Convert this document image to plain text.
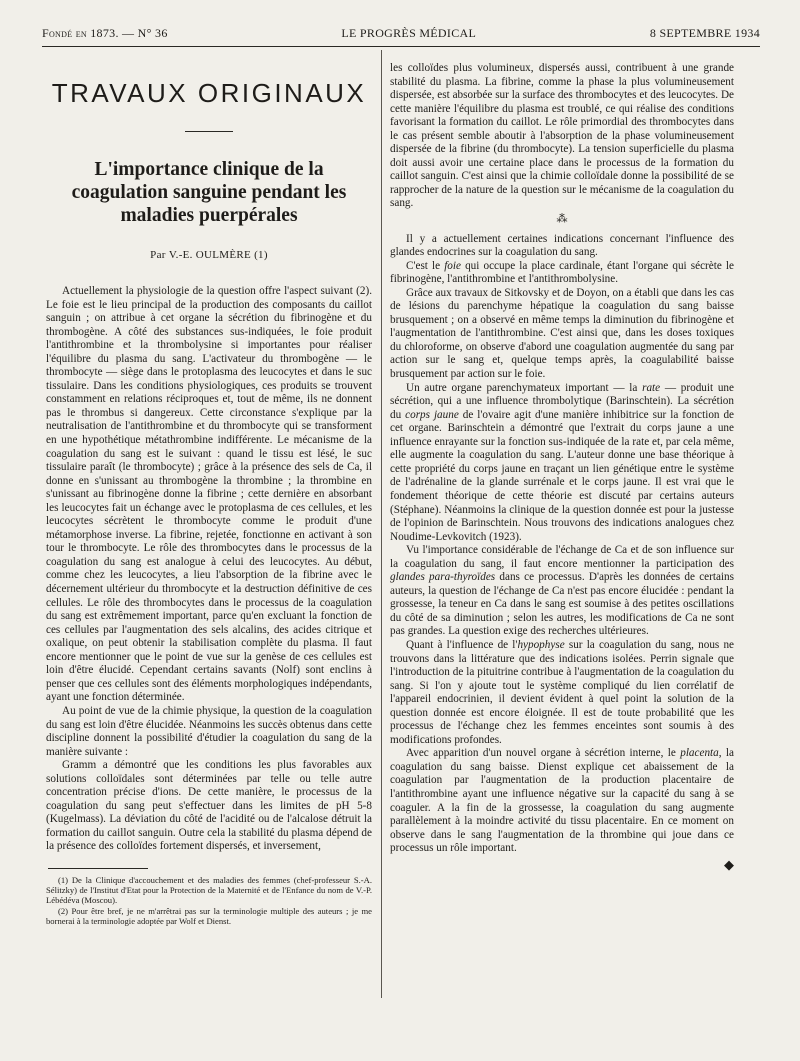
Fondé en 1873. — N° 36	LE PROGRÈS MÉDICAL	8 SEPTEMBRE 1934
TRAVAUX ORIGINAUX
L'importance clinique de la coagulation sanguine pendant les maladies puerpérales
Par V.-E. OULMÈRE (1)

Actuellement la physiologie de la question offre l'aspect suivant (2). Le foie est le lieu principal de la production des composants du caillot sanguin ; on attribue à cet organe la sécrétion du fibrinogène et du thrombogène. A côté des substances sus-indiquées, le foie produit l'antithrombine et la thrombolysine si importantes pour réaliser l'équilibre du plasma du sang. L'activateur du thrombogène — le thrombocyte — siège dans le protoplasma des leucocytes et dans le suc tissulaire. Dans les conditions physiologiques, ces produits se trouvent constamment en relations réciproques et, tout de même, ils ne donnent pas le thrombus si dangereux. Cette circonstance s'explique par la neutralisation de l'antithrombine et du thrombocyte qui se transforment en une hypothétique métathrombine indifférente. Le mécanisme de la coagulation du sang est le suivant : quand le tissu est lésé, le suc tissulaire paraît (le thrombocyte) ; grâce à la présence des sels de Ca, il donne en s'unissant au thrombogène la thrombine ; la thrombine en s'unissant au fibrinogène donne la fibrine ; cette dernière en absorbant les leucocytes fait un échange avec le protoplasma de ces cellules, et les leucocytes sécrètent le thrombocyte comme le produit d'une métamorphose inverse. La fibrine, rejetée, fonctionne en activant à son tour le thrombocyte. Le rôle des thrombocytes dans le processus de la coagulation du sang est analogue à celui des leucocytes. Au début, comme chez les leucocytes, a lieu l'absorption de la fibrine avec le décernement ultérieur du thrombocyte et la destruction définitive de ces cellules. Le rôle des thrombocytes dans le processus de la coagulation du sang est extrêmement important, parce qu'en excluant la fonction de ces cellules par l'augmentation des sels alcalins, des acides citrique et oxalique, on peut obtenir la stabilisation complète du plasma. Il faut encore mentionner que le point de vue sur la genèse de ces cellules est loin d'être élucidé. Cependant certains savants (Nolf) sont enclins à penser que ces cellules sont des éléments morphologiques indépendants, ayant une fonction déterminée.

Au point de vue de la chimie physique, la question de la coagulation du sang est loin d'être élucidée. Néanmoins les succès obtenus dans cette discipline donnent la possibilité d'étudier la coagulation du sang de la manière suivante :

Gramm a démontré que les conditions les plus favorables aux solutions colloïdales sont déterminées par telle ou telle autre concentration précise d'ions. De cette manière, le processus de la coagulation du sang peut s'effectuer dans les limites de pH 5-8 (Kugelmass). La déviation du côté de l'acidité ou de l'alcalose détruit la formation du caillot sanguin. Outre cela la stabilité du plasma dépend de la présence des colloïdes fortement dispersés, et inversement,

(1) De la Clinique d'accouchement et des maladies des femmes (chef-professeur S.-A. Sélitzky) de l'Institut d'Etat pour la Protection de la Maternité et de l'Enfance du nom de V.-P. Lébédéva (Moscou).

(2) Pour être bref, je ne m'arrêtrai pas sur la terminologie multiple des auteurs ; je me bornerai à la terminologie adoptée par Wolf et Dienst.

les colloïdes plus volumineux, dispersés aussi, contribuent à une grande stabilité du plasma. La fibrine, comme la phase la plus volumineusement dispersée, est absorbée sur la surface des thrombocytes et des leucocytes. De cette manière l'équilibre du plasma est troublé, ce qui réalise des conditions favorisant la formation du caillot. Le rôle primordial des thrombocytes dans le cas présent semble aboutir à l'absorption de la phase volumineusement dispersée de la fibrine (du thrombocyte). La tension superficielle du plasma doit aussi avoir une certaine place dans le processus de la formation du caillot sanguin. C'est ainsi que la chimie colloïdale donne la possibilité de se rapprocher de la nature de la question sur le mécanisme de la coagulation du sang.

⁂

Il y a actuellement certaines indications concernant l'influence des glandes endocrines sur la coagulation du sang.

C'est le foie qui occupe la place cardinale, étant l'organe qui sécrète le fibrinogène, l'antithrombine et l'antithrombolysine.

Grâce aux travaux de Sitkovsky et de Doyon, on a établi que dans les cas de lésions du parenchyme hépatique la coagulation du sang baisse brusquement ; on a observé en même temps la diminution du fibrinogène et l'augmentation de l'antithrombine. C'est ainsi que, dans les doses toxiques du chloroforme, on observe d'abord une coagulation augmentée du sang par action sur le sang et, quelque temps après, la coagulabilité baisse brusquement par action sur le foie.

Un autre organe parenchymateux important — la rate — produit une sécrétion, qui a une influence thrombolytique (Barinschtein). La sécrétion du corps jaune de l'ovaire agit d'une manière inhibitrice sur la fonction de cet organe. Barinschtein a démontré que l'extrait du corps jaune a une influence enrayante sur la fonction sus-indiquée de la rate et, par cela même, elle augmente la coagulation du sang. L'auteur donne une base théorique à cette propriété du corps jaune en traçant un lien génétique entre le système de l'adrénaline de la glande surrénale et le corps jaune. Il est vrai que le fondement théorique de cette théorie est discuté par certains auteurs (Stéphane). Néanmoins la clinique de la question donnée est pour la justesse de l'opinion de Barinschtein. Nous trouvons des indications analogues chez Noudime-Levkovitch (1923).

Vu l'importance considérable de l'échange de Ca et de son influence sur la coagulation du sang, il faut encore mentionner la participation des glandes para-thyroïdes dans ce processus. D'après les données de certains auteurs, la question de l'échange de Ca n'est pas encore élucidée : pendant la grossesse, la teneur en Ca dans le sang est soumise à des petites oscillations du côté de sa diminution ; selon les autres, les modifications de Ca ne sont pas grandes. La question exige des recherches ultérieures.

Quant à l'influence de l'hypophyse sur la coagulation du sang, nous ne trouvons dans la littérature que des indications isolées. Perrin signale que l'introduction de la pituitrine contribue à l'augmentation de la coagulation du sang. Si l'on y ajoute tout le système compliqué du lien corrélatif de l'appareil endocrinien, il devient évident à quel point la solution de la question donnée est encore éloignée. Il est de toute probabilité que les processus de l'échange chez les femmes enceintes sont soumis à des modifications profondes.

Avec apparition d'un nouvel organe à sécrétion interne, le placenta, la coagulation du sang baisse. Dienst explique cet abaissement de la coagulation par l'augmentation de la production placentaire de l'antithrombine ayant une influence négative sur la capacité du sang à se coaguler. A la fin de la grossesse, la coagulation du sang augmente parallèlement à la moindre activité du tissu placentaire. En ce moment on observe dans le sang l'augmentation de la thrombine qui joue dans ce processus un rôle important.

◆
